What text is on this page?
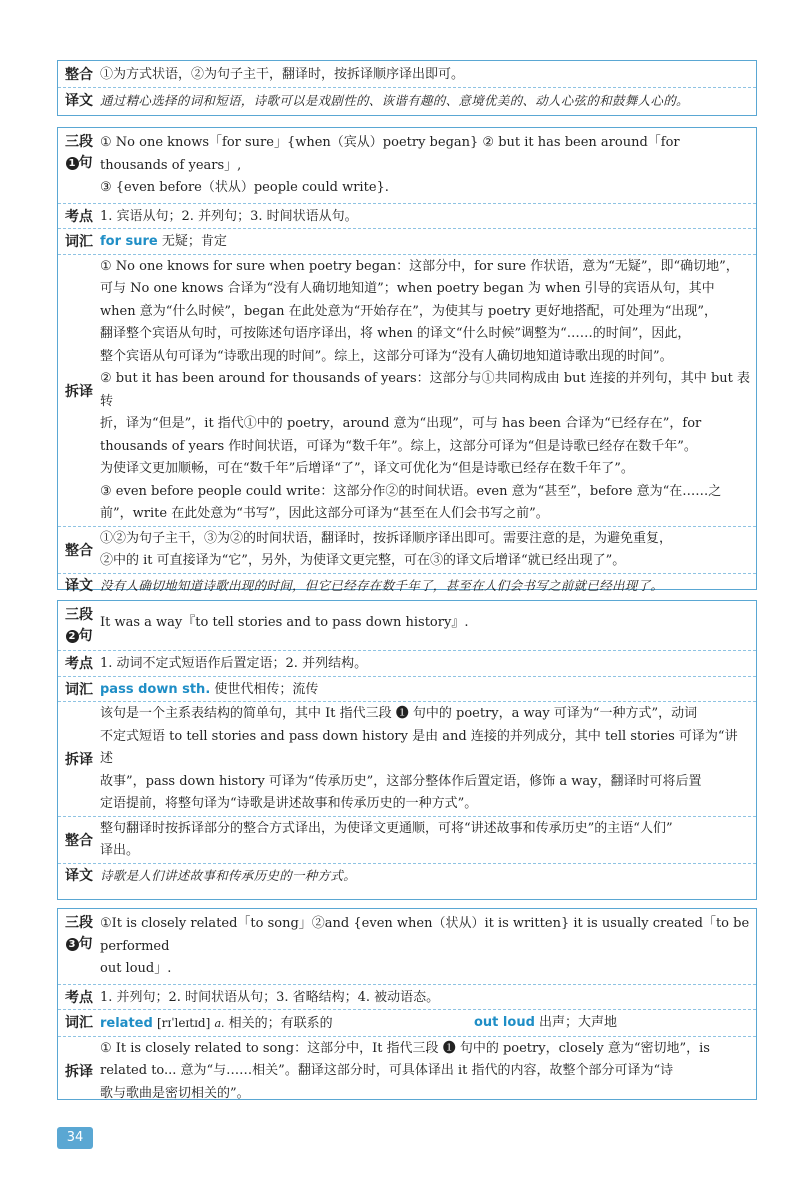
整合 ①为方式状语，②为句子主干，翻译时，按拆译顺序译出即可。
译文 通过精心选择的词和短语，诗歌可以是戏剧性的、诙谐有趣的、意境优美的、动人心弦的和鼓舞人心的。
三段
1 句
① No one knows「for sure」{when（宾从）poetry began} ② but it has been around「for thousands of years」,
③ {even before（状从）people could write}.
考点 1. 宾语从句；2. 并列句；3. 时间状语从句。
词汇 for sure 无疑；肯定
拆译
① No one knows for sure when poetry began：这部分中，for sure 作状语，意为“无疑”，即“确切地”，
可与 No one knows 合译为“没有人确切地知道”；when poetry began 为 when 引导的宾语从句，其中
when 意为“什么时候”，began 在此处意为“开始存在”，为使其与 poetry 更好地搭配，可处理为“出现”，
翻译整个宾语从句时，可按陈述句语序译出，将 when 的译文“什么时候”调整为“……的时间”，因此，
整个宾语从句可译为“诗歌出现的时间”。综上，这部分可译为“没有人确切地知道诗歌出现的时间”。
② but it has been around for thousands of years：这部分与①共同构成由 but 连接的并列句，其中 but 表转
折，译为“但是”，it 指代①中的 poetry，around 意为“出现”，可与 has been 合译为“已经存在”，for
thousands of years 作时间状语，可译为“数千年”。综上，这部分可译为“但是诗歌已经存在数千年”。
为使译文更加顺畅，可在“数千年”后增译“了”，译文可优化为“但是诗歌已经存在数千年了”。
③ even before people could write：这部分作②的时间状语。even 意为“甚至”，before 意为“在……之
前”，write 在此处意为“书写”，因此这部分可译为“甚至在人们会书写之前”。
整合
①②为句子主干，③为②的时间状语，翻译时，按拆译顺序译出即可。需要注意的是，为避免重复，
②中的 it 可直接译为“它”，另外，为使译文更完整，可在③的译文后增译“就已经出现了”。
译文 没有人确切地知道诗歌出现的时间，但它已经存在数千年了，甚至在人们会书写之前就已经出现了。
三段
2 句
It was a way『to tell stories and to pass down history』.
考点 1. 动词不定式短语作后置定语；2. 并列结构。
词汇 pass down sth. 使世代相传；流传
拆译
该句是一个主系表结构的简单句，其中 It 指代三段 ❶ 句中的 poetry，a way 可译为“一种方式”，动词
不定式短语 to tell stories and pass down history 是由 and 连接的并列成分，其中 tell stories 可译为“讲述
故事”，pass down history 可译为“传承历史”，这部分整体作后置定语，修饰 a way，翻译时可将后置
定语提前，将整句译为“诗歌是讲述故事和传承历史的一种方式”。
整合
整句翻译时按拆译部分的整合方式译出，为使译文更通顺，可将“讲述故事和传承历史”的主语“人们”
译出。
译文 诗歌是人们讲述故事和传承历史的一种方式。
三段
3 句
①It is closely related「to song」②and {even when（状从）it is written} it is usually created「to be performed
out loud」.
考点 1. 并列句；2. 时间状语从句；3. 省略结构；4. 被动语态。
词汇 related [rɪˈleɪtɪd] a. 相关的；有联系的	out loud 出声；大声地
拆译
① It is closely related to song：这部分中，It 指代三段 ❶ 句中的 poetry，closely 意为“密切地”，is
related to... 意为“与……相关”。翻译这部分时，可具体译出 it 指代的内容，故整个部分可译为“诗
歌与歌曲是密切相关的”。
34
